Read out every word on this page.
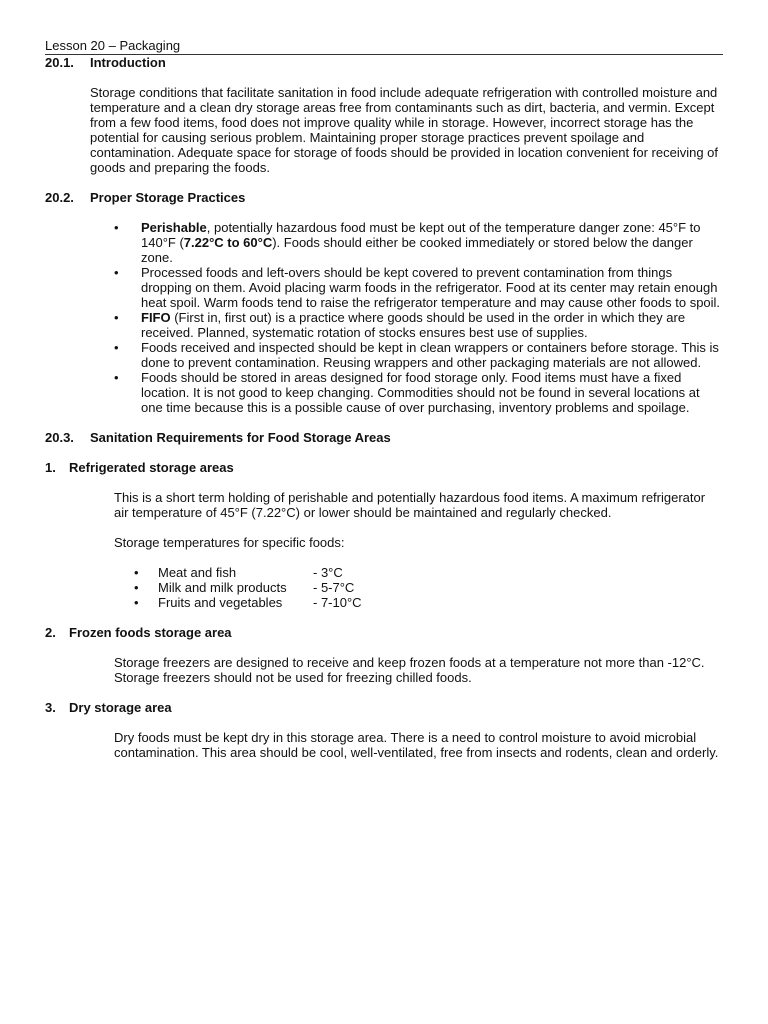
Lesson 20 – Packaging
20.1.	Introduction

Storage conditions that facilitate sanitation in food include adequate refrigeration with controlled moisture and temperature and a clean dry storage areas free from contaminants such as dirt, bacteria, and vermin. Except from a few food items, food does not improve quality while in storage. However, incorrect storage has the potential for causing serious problem. Maintaining proper storage practices prevent spoilage and contamination. Adequate space for storage of foods should be provided in location convenient for receiving of goods and preparing the foods.

20.2.	Proper Storage Practices
• Perishable, potentially hazardous food must be kept out of the temperature danger zone: 45°F to 140°F (7.22°C to 60°C). Foods should either be cooked immediately or stored below the danger zone.
• Processed foods and left-overs should be kept covered to prevent contamination from things dropping on them. Avoid placing warm foods in the refrigerator. Food at its center may retain enough heat spoil. Warm foods tend to raise the refrigerator temperature and may cause other foods to spoil.
• FIFO (First in, first out) is a practice where goods should be used in the order in which they are received. Planned, systematic rotation of stocks ensures best use of supplies.
• Foods received and inspected should be kept in clean wrappers or containers before storage. This is done to prevent contamination. Reusing wrappers and other packaging materials are not allowed.
• Foods should be stored in areas designed for food storage only. Food items must have a fixed location. It is not good to keep changing. Commodities should not be found in several locations at one time because this is a possible cause of over purchasing, inventory problems and spoilage.
20.3.	Sanitation Requirements for Food Storage Areas
1.	Refrigerated storage areas

This is a short term holding of perishable and potentially hazardous food items. A maximum refrigerator air temperature of 45°F (7.22°C) or lower should be maintained and regularly checked.

Storage temperatures for specific foods:

• Meat and fish	- 3°C
• Milk and milk products - 5-7°C
• Fruits and vegetables - 7-10°C
2.	Frozen foods storage area

Storage freezers are designed to receive and keep frozen foods at a temperature not more than -12°C. Storage freezers should not be used for freezing chilled foods.

3.	Dry storage area

Dry foods must be kept dry in this storage area. There is a need to control moisture to avoid microbial contamination. This area should be cool, well-ventilated, free from insects and rodents, clean and orderly.
